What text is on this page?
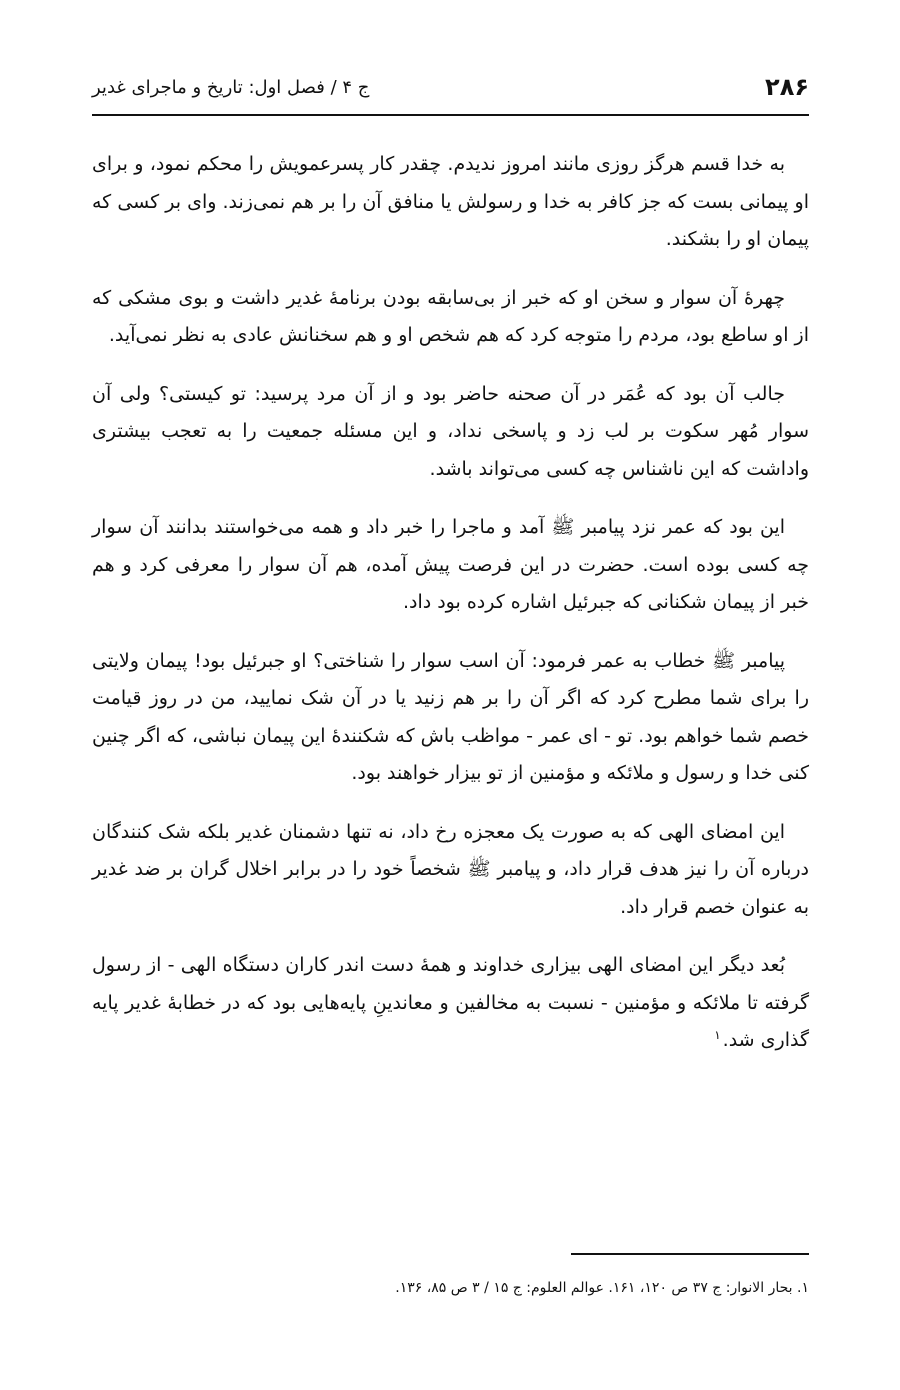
۲۸۶
ج ۴ / فصل اول: تاریخ و ماجرای غدیر

به خدا قسم هرگز روزی مانند امروز ندیدم. چقدر کار پسرعمویش را محکم نمود، و برای او پیمانی بست که جز کافر به خدا و رسولش یا منافق آن را بر هم نمی‌زند. وای بر کسی که پیمان او را بشکند.

چهرهٔ آن سوار و سخن او که خبر از بی‌سابقه بودن برنامهٔ غدیر داشت و بوی مشکی که از او ساطع بود، مردم را متوجه کرد که هم شخص او و هم سخنانش عادی به نظر نمی‌آید.

جالب آن بود که عُمَر در آن صحنه حاضر بود و از آن مرد پرسید: تو کیستی؟ ولی آن سوار مُهر سکوت بر لب زد و پاسخی نداد، و این مسئله جمعیت را به تعجب بیشتری واداشت که این ناشناس چه کسی می‌تواند باشد.

این بود که عمر نزد پیامبر ﷺ آمد و ماجرا را خبر داد و همه می‌خواستند بدانند آن سوار چه کسی بوده است. حضرت در این فرصت پیش آمده، هم آن سوار را معرفی کرد و هم خبر از پیمان شکنانی که جبرئیل اشاره کرده بود داد.

پیامبر ﷺ خطاب به عمر فرمود: آن اسب سوار را شناختی؟ او جبرئیل بود! پیمان ولایتی را برای شما مطرح کرد که اگر آن را بر هم زنید یا در آن شک نمایید، من در روز قیامت خصم شما خواهم بود. تو - ای عمر - مواظب باش که شکنندهٔ این پیمان نباشی، که اگر چنین کنی خدا و رسول و ملائکه و مؤمنین از تو بیزار خواهند بود.

این امضای الهی که به صورت یک معجزه رخ داد، نه تنها دشمنان غدیر بلکه شک کنندگان درباره آن را نیز هدف قرار داد، و پیامبر ﷺ شخصاً خود را در برابر اخلال گران بر ضد غدیر به عنوان خصم قرار داد.

بُعد دیگر این امضای الهی بیزاری خداوند و همهٔ دست اندر کاران دستگاه الهی - از رسول گرفته تا ملائکه و مؤمنین - نسبت به مخالفین و معاندینِ پایه‌هایی بود که در خطابهٔ غدیر پایه گذاری شد.$^۱$

۱. بحار الانوار: ج ۳۷ ص ۱۲۰، ۱۶۱. عوالم العلوم: ج ۱۵ / ۳ ص ۸۵، ۱۳۶.
